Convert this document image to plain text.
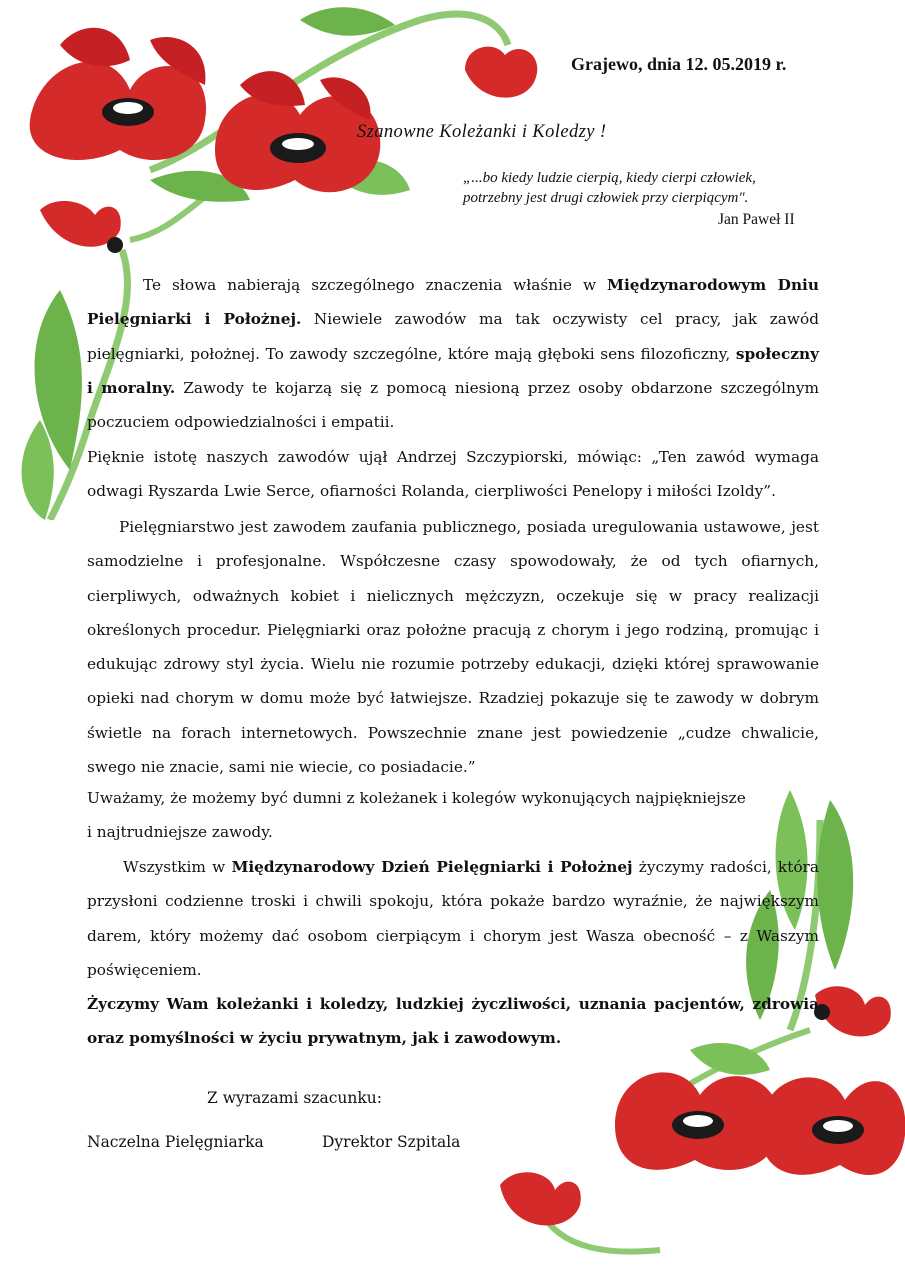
Grajewo, dnia 12. 05.2019 r.
Szanowne Koleżanki i Koledzy !
„...bo kiedy ludzie cierpią, kiedy cierpi człowiek,
potrzebny jest drugi człowiek przy cierpiącym".
Jan Paweł II
Te słowa nabierają szczególnego znaczenia właśnie w Międzynarodowym Dniu Pielęgniarki i Położnej. Niewiele zawodów ma tak oczywisty cel pracy, jak zawód pielęgniarki, położnej. To zawody szczególne, które mają głęboki sens filozoficzny, społeczny i moralny. Zawody te kojarzą się z pomocą niesioną przez osoby obdarzone szczególnym poczuciem odpowiedzialności i empatii.
Pięknie istotę naszych zawodów ujął Andrzej Szczypiorski, mówiąc: „Ten zawód wymaga odwagi Ryszarda Lwie Serce, ofiarności Rolanda, cierpliwości Penelopy i miłości Izoldy”.
Pielęgniarstwo jest zawodem zaufania publicznego, posiada uregulowania ustawowe, jest samodzielne i profesjonalne. Współczesne czasy spowodowały, że od tych ofiarnych, cierpliwych, odważnych kobiet i nielicznych mężczyzn, oczekuje się w pracy realizacji określonych procedur. Pielęgniarki oraz położne pracują z chorym i jego rodziną, promując i edukując zdrowy styl życia. Wielu nie rozumie potrzeby edukacji, dzięki której sprawowanie opieki nad chorym w domu może być łatwiejsze. Rzadziej pokazuje się te zawody w dobrym świetle na forach internetowych. Powszechnie znane jest powiedzenie „cudze chwalicie, swego nie znacie, sami nie wiecie, co posiadacie.”
Uważamy, że możemy być dumni z koleżanek i kolegów wykonujących najpiękniejsze
i najtrudniejsze zawody.
Wszystkim w Międzynarodowy Dzień Pielęgniarki i Położnej życzymy radości, która przysłoni codzienne troski i chwili spokoju, która pokaże bardzo wyraźnie, że największym darem, który możemy dać osobom cierpiącym i chorym jest Wasza obecność – z Waszym poświęceniem.
Życzymy Wam koleżanki i koledzy, ludzkiej życzliwości, uznania pacjentów, zdrowia oraz pomyślności w życiu prywatnym, jak i zawodowym.
Z wyrazami szacunku:
Naczelna Pielęgniarka	Dyrektor Szpitala
